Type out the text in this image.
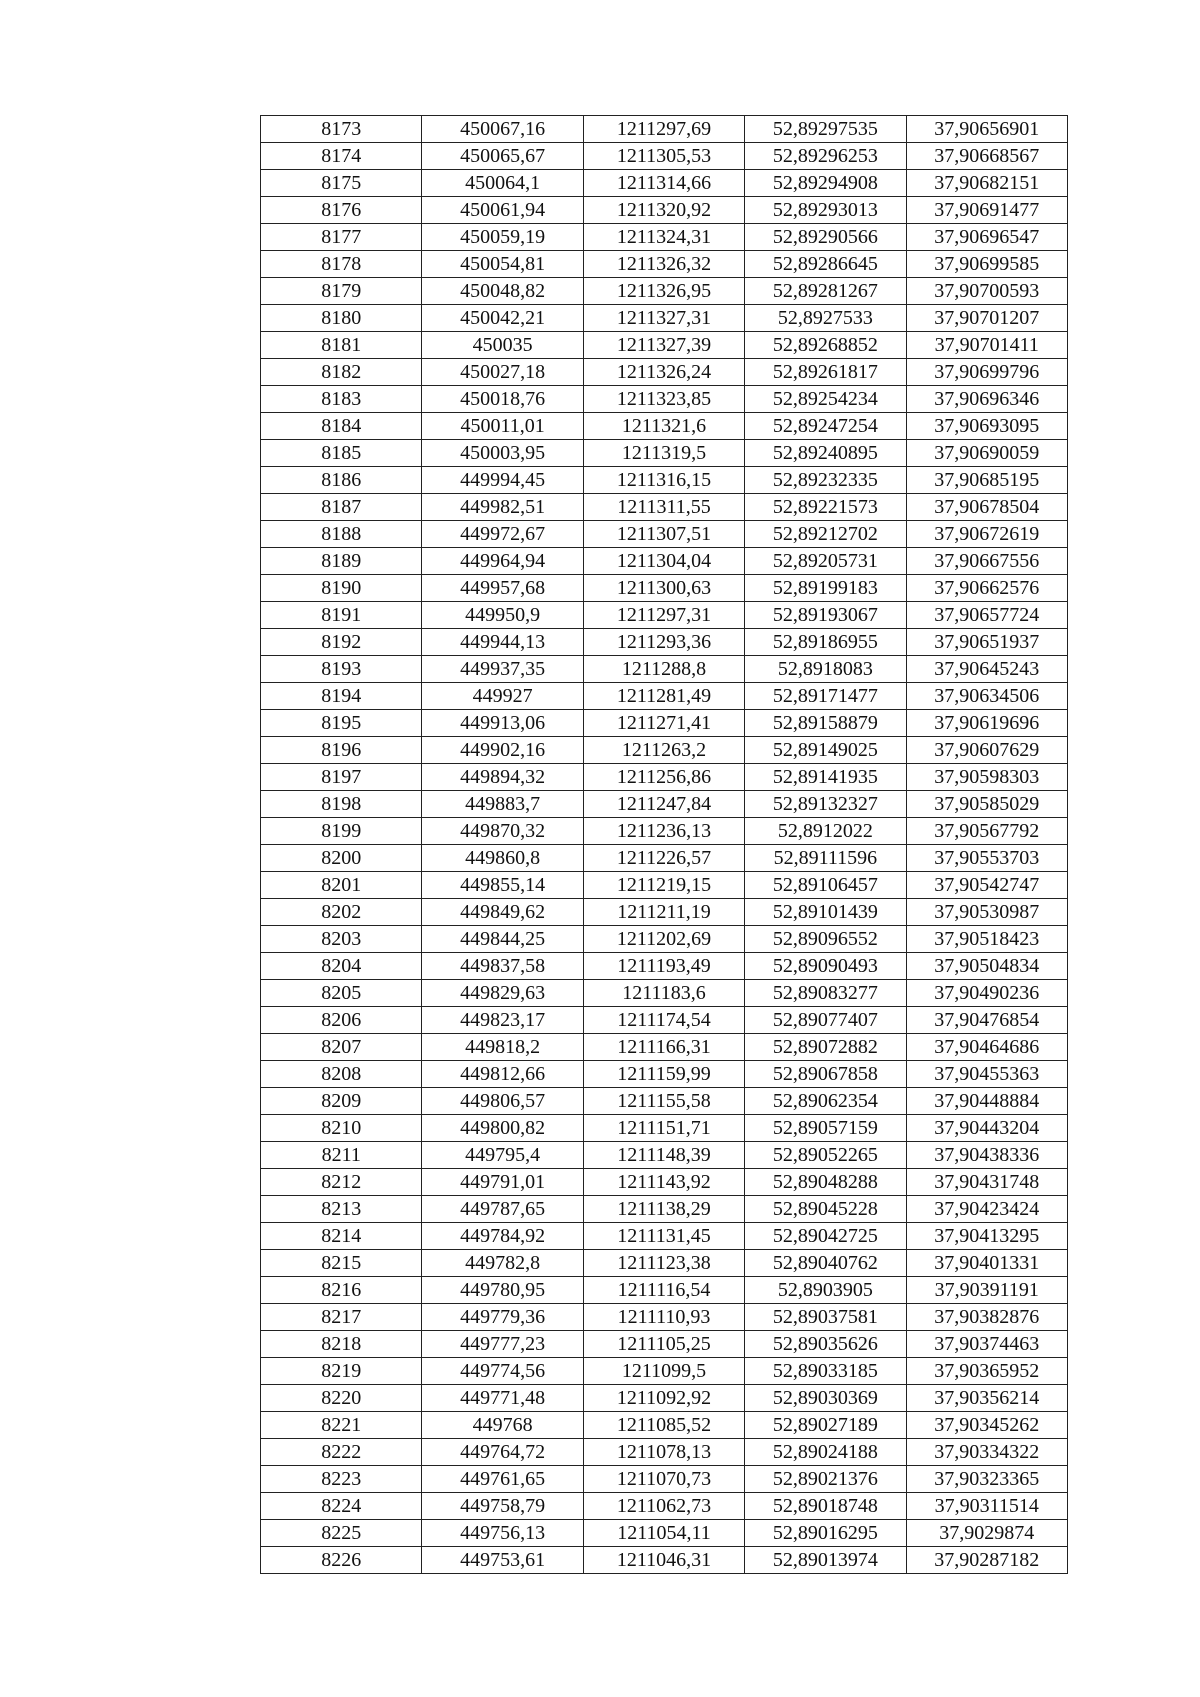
8173	450067,16	1211297,69	52,89297535	37,90656901
8174	450065,67	1211305,53	52,89296253	37,90668567
8175	450064,1	1211314,66	52,89294908	37,90682151
8176	450061,94	1211320,92	52,89293013	37,90691477
8177	450059,19	1211324,31	52,89290566	37,90696547
8178	450054,81	1211326,32	52,89286645	37,90699585
8179	450048,82	1211326,95	52,89281267	37,90700593
8180	450042,21	1211327,31	52,8927533	37,90701207
8181	450035	1211327,39	52,89268852	37,90701411
8182	450027,18	1211326,24	52,89261817	37,90699796
8183	450018,76	1211323,85	52,89254234	37,90696346
8184	450011,01	1211321,6	52,89247254	37,90693095
8185	450003,95	1211319,5	52,89240895	37,90690059
8186	449994,45	1211316,15	52,89232335	37,90685195
8187	449982,51	1211311,55	52,89221573	37,90678504
8188	449972,67	1211307,51	52,89212702	37,90672619
8189	449964,94	1211304,04	52,89205731	37,90667556
8190	449957,68	1211300,63	52,89199183	37,90662576
8191	449950,9	1211297,31	52,89193067	37,90657724
8192	449944,13	1211293,36	52,89186955	37,90651937
8193	449937,35	1211288,8	52,8918083	37,90645243
8194	449927	1211281,49	52,89171477	37,90634506
8195	449913,06	1211271,41	52,89158879	37,90619696
8196	449902,16	1211263,2	52,89149025	37,90607629
8197	449894,32	1211256,86	52,89141935	37,90598303
8198	449883,7	1211247,84	52,89132327	37,90585029
8199	449870,32	1211236,13	52,8912022	37,90567792
8200	449860,8	1211226,57	52,89111596	37,90553703
8201	449855,14	1211219,15	52,89106457	37,90542747
8202	449849,62	1211211,19	52,89101439	37,90530987
8203	449844,25	1211202,69	52,89096552	37,90518423
8204	449837,58	1211193,49	52,89090493	37,90504834
8205	449829,63	1211183,6	52,89083277	37,90490236
8206	449823,17	1211174,54	52,89077407	37,90476854
8207	449818,2	1211166,31	52,89072882	37,90464686
8208	449812,66	1211159,99	52,89067858	37,90455363
8209	449806,57	1211155,58	52,89062354	37,90448884
8210	449800,82	1211151,71	52,89057159	37,90443204
8211	449795,4	1211148,39	52,89052265	37,90438336
8212	449791,01	1211143,92	52,89048288	37,90431748
8213	449787,65	1211138,29	52,89045228	37,90423424
8214	449784,92	1211131,45	52,89042725	37,90413295
8215	449782,8	1211123,38	52,89040762	37,90401331
8216	449780,95	1211116,54	52,8903905	37,90391191
8217	449779,36	1211110,93	52,89037581	37,90382876
8218	449777,23	1211105,25	52,89035626	37,90374463
8219	449774,56	1211099,5	52,89033185	37,90365952
8220	449771,48	1211092,92	52,89030369	37,90356214
8221	449768	1211085,52	52,89027189	37,90345262
8222	449764,72	1211078,13	52,89024188	37,90334322
8223	449761,65	1211070,73	52,89021376	37,90323365
8224	449758,79	1211062,73	52,89018748	37,90311514
8225	449756,13	1211054,11	52,89016295	37,9029874
8226	449753,61	1211046,31	52,89013974	37,90287182
